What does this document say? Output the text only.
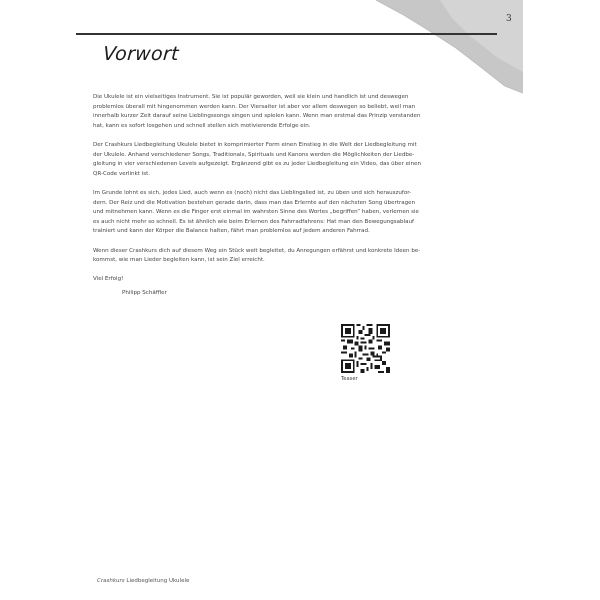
3
Vorwort

Die Ukulele ist ein vielseitiges Instrument. Sie ist populär geworden, weil sie klein und handlich ist und deswegen
problemlos überall mit hingenommen werden kann. Der Viersaiter ist aber vor allem deswegen so beliebt, weil man
innerhalb kurzer Zeit darauf seine Lieblingssongs singen und spielen kann. Wenn man erstmal das Prinzip verstanden
hat, kann es sofort losgehen und schnell stellen sich motivierende Erfolge ein.

Der Crashkurs Liedbegleitung Ukulele bietet in komprimierter Form einen Einstieg in die Welt der Liedbegleitung mit
der Ukulele. Anhand verschiedener Songs, Traditionals, Spirituals und Kanons werden die Möglichkeiten der Liedbe-
gleitung in vier verschiedenen Levels aufgezeigt. Ergänzend gibt es zu jeder Liedbegleitung ein Video, das über einen
QR-Code verlinkt ist.

Im Grunde lohnt es sich, jedes Lied, auch wenn es (noch) nicht das Lieblingslied ist, zu üben und sich herauszufor-
dern. Der Reiz und die Motivation bestehen gerade darin, dass man das Erlernte auf den nächsten Song übertragen
und mitnehmen kann. Wenn es die Finger erst einmal im wahrsten Sinne des Wortes „begriffen“ haben, verlernen sie
es auch nicht mehr so schnell. Es ist ähnlich wie beim Erlernen des Fahrradfahrens: Hat man den Bewegungsablauf
trainiert und kann der Körper die Balance halten, fährt man problemlos auf jedem anderen Fahrrad.

Wenn dieser Crashkurs dich auf diesem Weg ein Stück weit begleitet, du Anregungen erfährst und konkrete Ideen be-
kommst, wie man Lieder begleiten kann, ist sein Ziel erreicht.

Viel Erfolg!

Philipp Schäffler
Teaser
Crashkurs Liedbegleitung Ukulele
